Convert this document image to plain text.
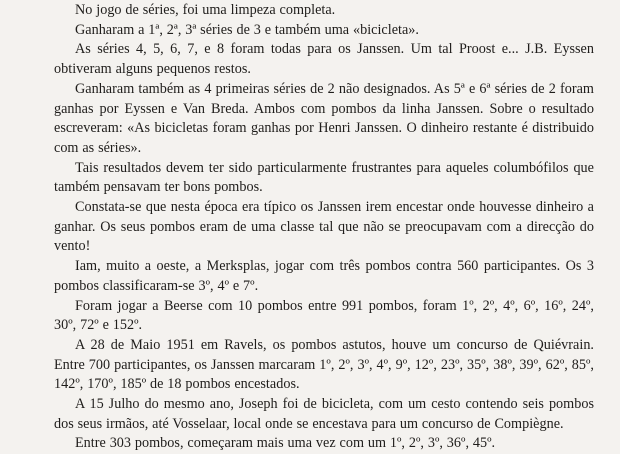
No jogo de séries, foi uma limpeza completa.

Ganharam a 1ª, 2ª, 3ª séries de 3 e também uma «bicicleta».

As séries 4, 5, 6, 7, e 8 foram todas para os Janssen. Um tal Proost e... J.B. Eyssen obtiveram alguns pequenos restos.

Ganharam também as 4 primeiras séries de 2 não designados. As 5ª e 6ª séries de 2 foram ganhas por Eyssen e Van Breda. Ambos com pombos da linha Janssen. Sobre o resultado escreveram: «As bicicletas foram ganhas por Henri Janssen. O dinheiro restante é distribuido com as séries».

Tais resultados devem ter sido particularmente frustrantes para aqueles columbófilos que também pensavam ter bons pombos.

Constata-se que nesta época era típico os Janssen irem encestar onde houvesse dinheiro a ganhar. Os seus pombos eram de uma classe tal que não se preocupavam com a direcção do vento!

Iam, muito a oeste, a Merksplas, jogar com três pombos contra 560 participantes. Os 3 pombos classificaram-se 3º, 4º e 7º.

Foram jogar a Beerse com 10 pombos entre 991 pombos, foram 1º, 2º, 4º, 6º, 16º, 24º, 30º, 72º e 152º.

A 28 de Maio 1951 em Ravels, os pombos astutos, houve um concurso de Quiévrain. Entre 700 participantes, os Janssen marcaram 1º, 2º, 3º, 4º, 9º, 12º, 23º, 35º, 38º, 39º, 62º, 85º, 142º, 170º, 185º de 18 pombos encestados.

A 15 Julho do mesmo ano, Joseph foi de bicicleta, com um cesto contendo seis pombos dos seus irmãos, até Vosselaar, local onde se encestava para um concurso de Compiègne.

Entre 303 pombos, começaram mais uma vez com um 1º, 2º, 3º, 36º, 45º.
